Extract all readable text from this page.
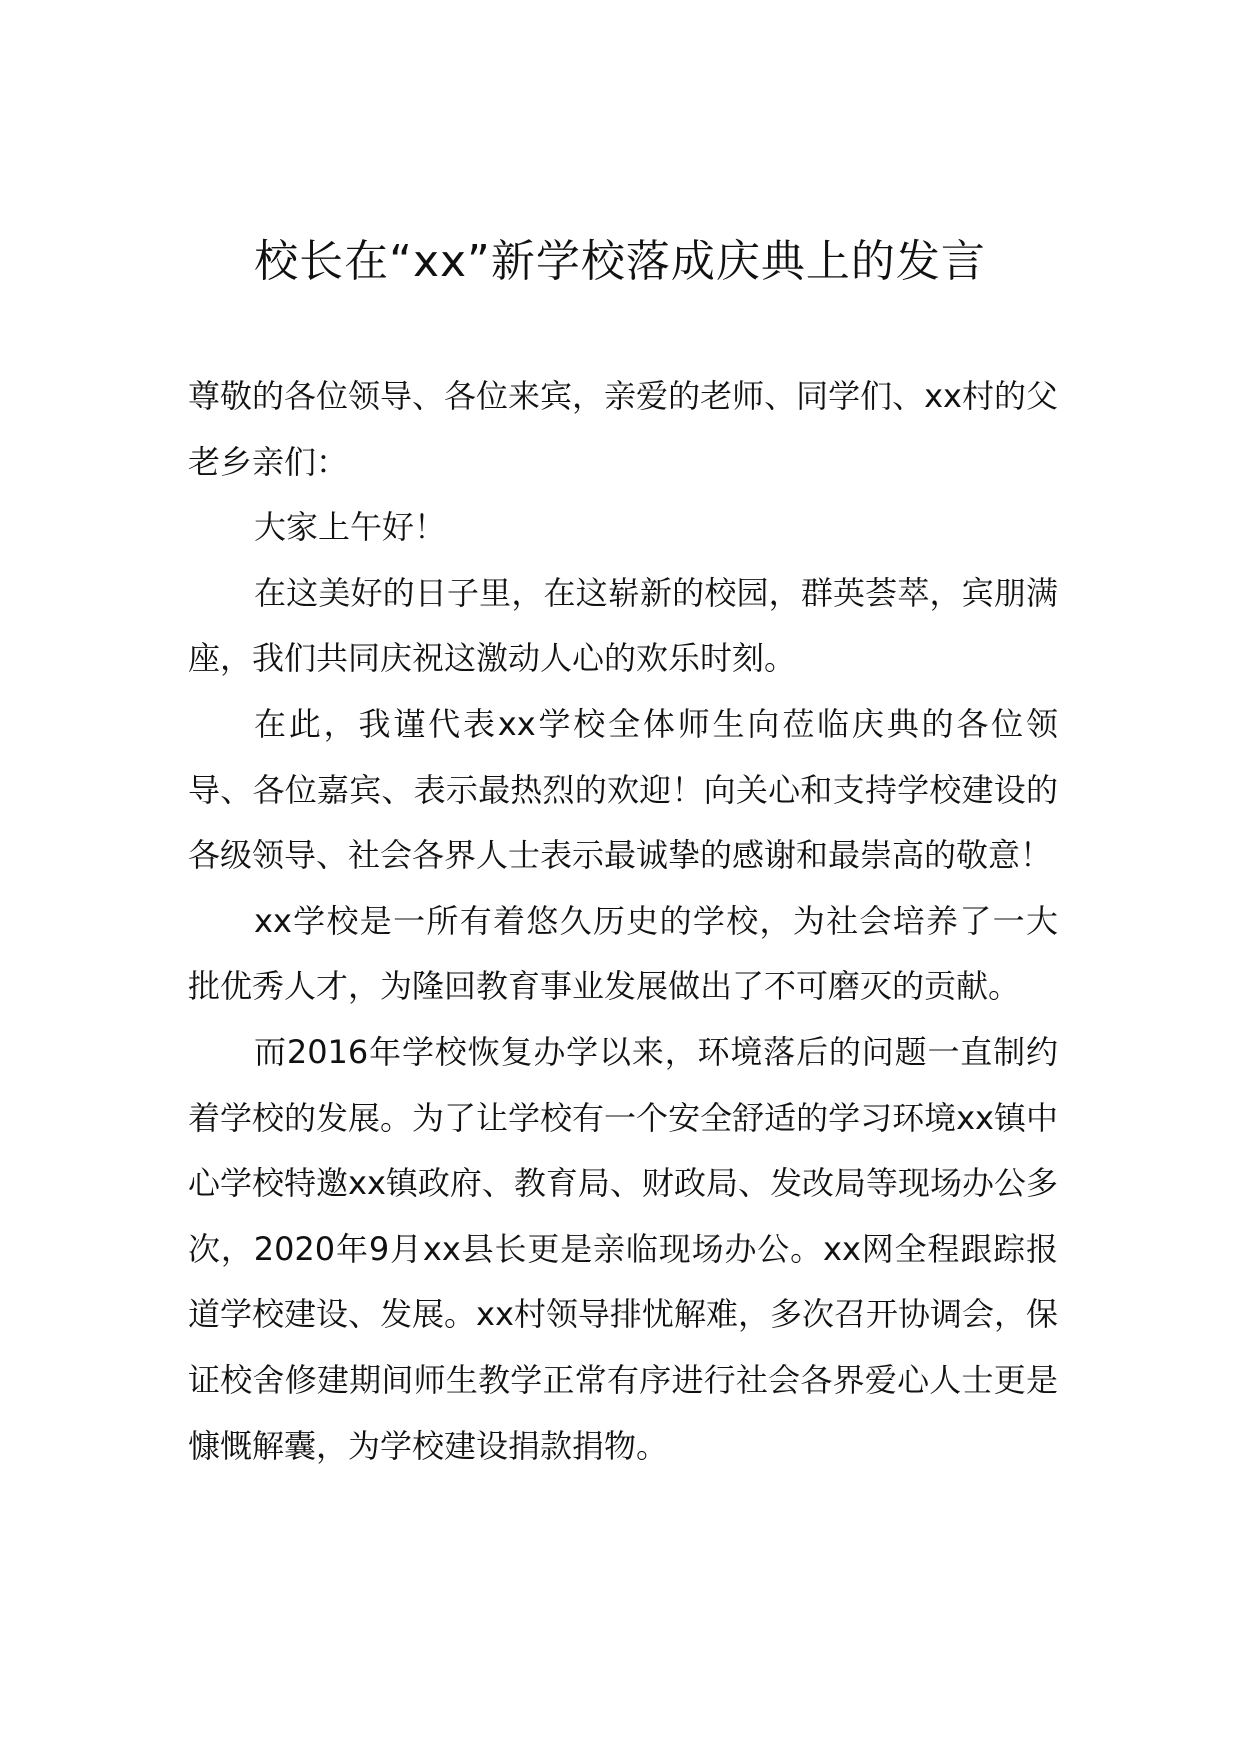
校长在“xx”新学校落成庆典上的发言

尊敬的各位领导、各位来宾，亲爱的老师、同学们、xx村的父老乡亲们：

大家上午好！

在这美好的日子里，在这崭新的校园，群英荟萃，宾朋满座，我们共同庆祝这激动人心的欢乐时刻。

在此，我谨代表xx学校全体师生向莅临庆典的各位领导、各位嘉宾、表示最热烈的欢迎！向关心和支持学校建设的各级领导、社会各界人士表示最诚挚的感谢和最崇高的敬意！

xx学校是一所有着悠久历史的学校，为社会培养了一大批优秀人才，为隆回教育事业发展做出了不可磨灭的贡献。

而2016年学校恢复办学以来，环境落后的问题一直制约着学校的发展。为了让学校有一个安全舒适的学习环境xx镇中心学校特邀xx镇政府、教育局、财政局、发改局等现场办公多次，2020年9月xx县长更是亲临现场办公。xx网全程跟踪报道学校建设、发展。xx村领导排忧解难，多次召开协调会，保证校舍修建期间师生教学正常有序进行社会各界爱心人士更是慷慨解囊，为学校建设捐款捐物。
